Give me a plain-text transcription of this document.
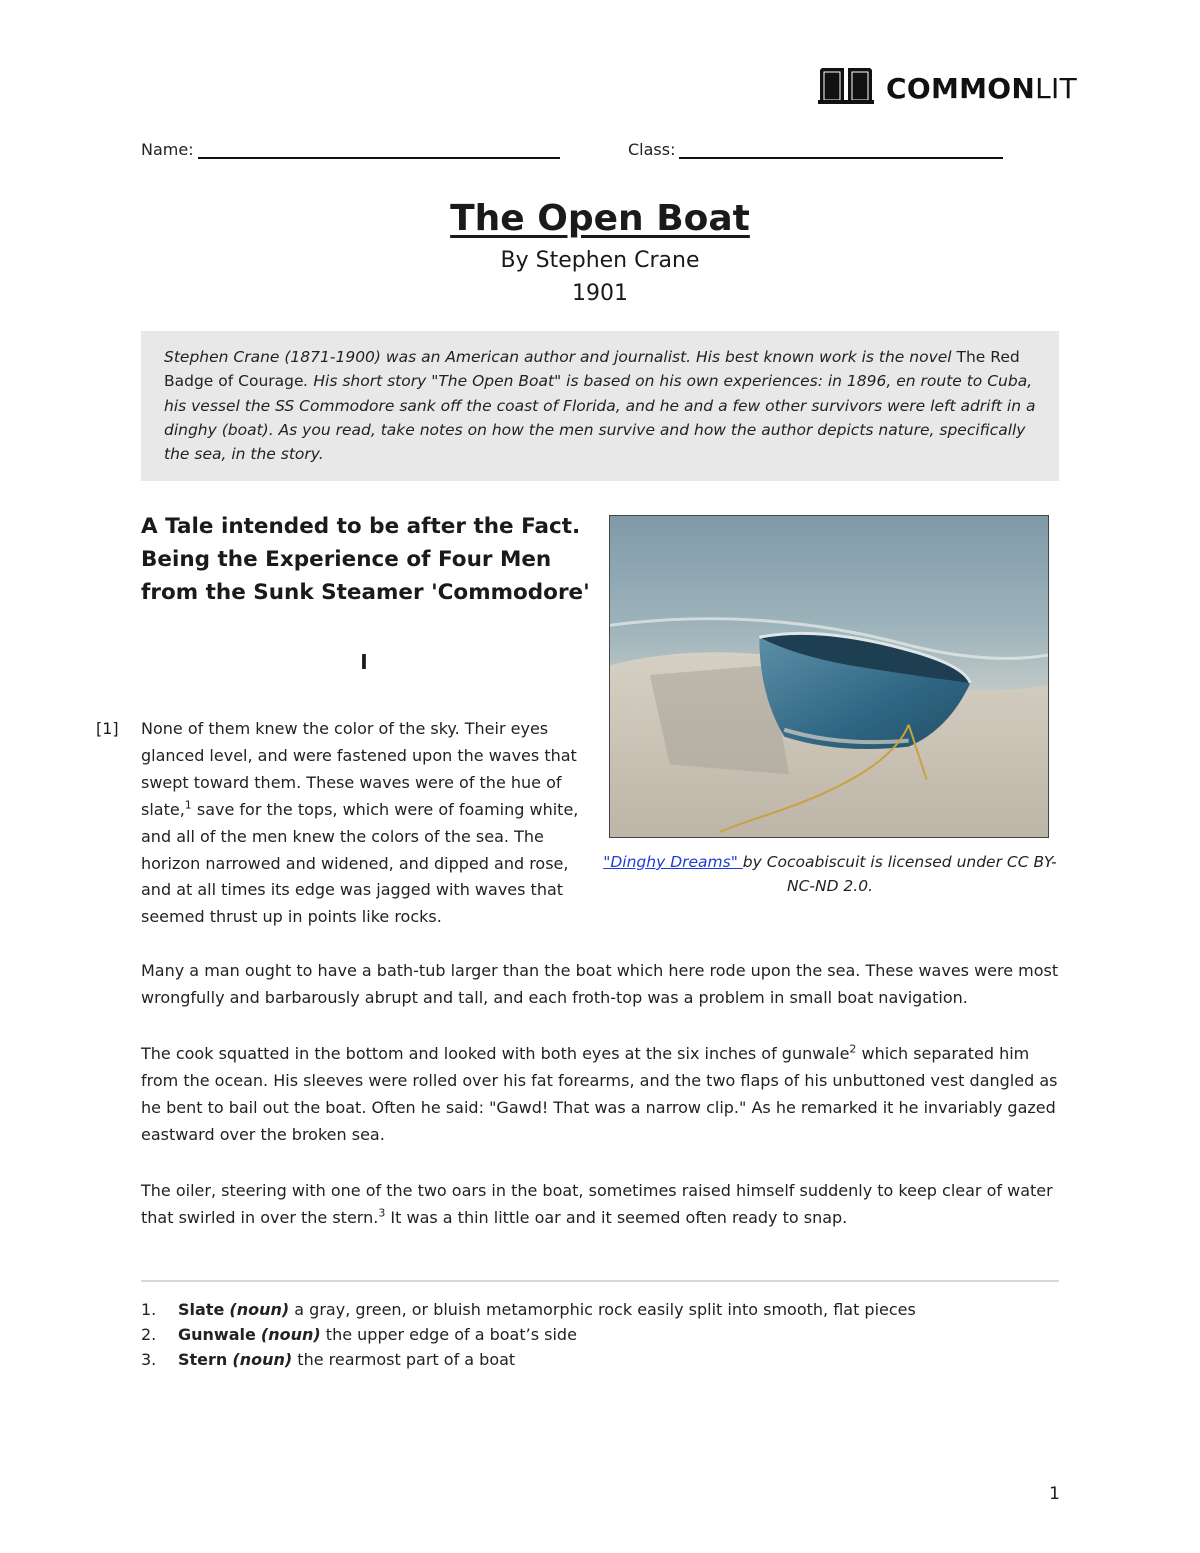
COMMONLIT
Name:	Class:
The Open Boat
By Stephen Crane
1901
Stephen Crane (1871-1900) was an American author and journalist. His best known work is the novel The Red Badge of Courage. His short story "The Open Boat" is based on his own experiences: in 1896, en route to Cuba, his vessel the SS Commodore sank off the coast of Florida, and he and a few other survivors were left adrift in a dinghy (boat). As you read, take notes on how the men survive and how the author depicts nature, specifically the sea, in the story.
A Tale intended to be after the Fact.
Being the Experience of Four Men
from the Sunk Steamer 'Commodore'
I
[1] None of them knew the color of the sky. Their eyes glanced level, and were fastened upon the waves that swept toward them. These waves were of the hue of slate,$^1$ save for the tops, which were of foaming white, and all of the men knew the colors of the sea. The horizon narrowed and widened, and dipped and rose, and at all times its edge was jagged with waves that seemed thrust up in points like rocks.
"Dinghy Dreams" by Cocoabiscuit is licensed under CC BY-NC-ND 2.0.
Many a man ought to have a bath-tub larger than the boat which here rode upon the sea. These waves were most wrongfully and barbarously abrupt and tall, and each froth-top was a problem in small boat navigation.
The cook squatted in the bottom and looked with both eyes at the six inches of gunwale$^2$ which separated him from the ocean. His sleeves were rolled over his fat forearms, and the two flaps of his unbuttoned vest dangled as he bent to bail out the boat. Often he said: "Gawd! That was a narrow clip." As he remarked it he invariably gazed eastward over the broken sea.
The oiler, steering with one of the two oars in the boat, sometimes raised himself suddenly to keep clear of water that swirled in over the stern.$^3$ It was a thin little oar and it seemed often ready to snap.
1.	Slate (noun) a gray, green, or bluish metamorphic rock easily split into smooth, flat pieces
2.	Gunwale (noun) the upper edge of a boat’s side
3.	Stern (noun) the rearmost part of a boat
1
